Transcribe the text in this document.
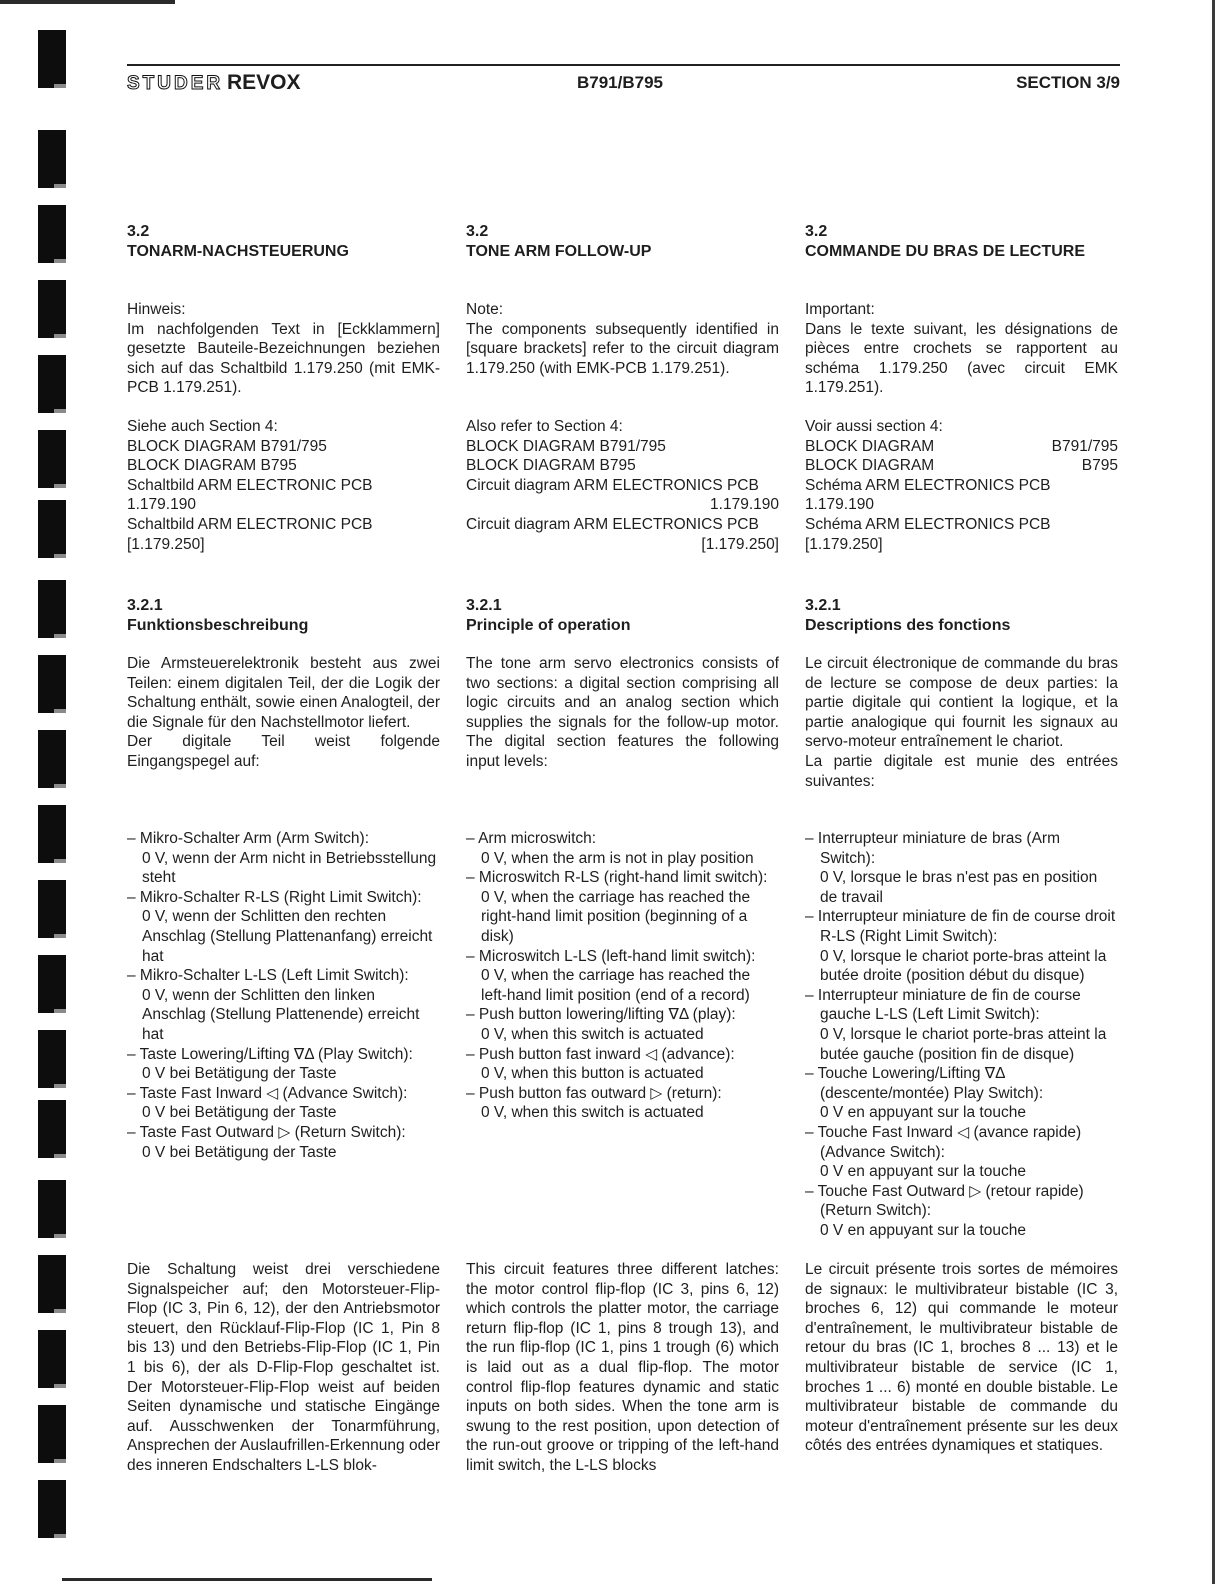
STUDER REVOX	B791/B795	SECTION 3/9
3.2
TONARM-NACHSTEUERUNG
Hinweis:
Im nachfolgenden Text in [Eckklammern] gesetzte Bauteile-Bezeichnungen beziehen sich auf das Schaltbild 1.179.250 (mit EMK-PCB 1.179.251).
Siehe auch Section 4:
BLOCK DIAGRAM B791/795
BLOCK DIAGRAM B795
Schaltbild ARM ELECTRONIC PCB
1.179.190
Schaltbild ARM ELECTRONIC PCB
[1.179.250]
3.2.1
Funktionsbeschreibung
Die Armsteuerelektronik besteht aus zwei Teilen: einem digitalen Teil, der die Logik der Schaltung enthält, sowie einen Analogteil, der die Signale für den Nachstellmotor liefert.
Der digitale Teil weist folgende Eingangspegel auf:
– Mikro-Schalter Arm (Arm Switch):
0 V, wenn der Arm nicht in Betriebsstellung steht
– Mikro-Schalter R-LS (Right Limit Switch):
0 V, wenn der Schlitten den rechten Anschlag (Stellung Plattenanfang) erreicht hat
– Mikro-Schalter L-LS (Left Limit Switch):
0 V, wenn der Schlitten den linken Anschlag (Stellung Plattenende) erreicht hat
– Taste Lowering/Lifting ∇Δ (Play Switch):
0 V bei Betätigung der Taste
– Taste Fast Inward ◁ (Advance Switch):
0 V bei Betätigung der Taste
– Taste Fast Outward ▷ (Return Switch):
0 V bei Betätigung der Taste
Die Schaltung weist drei verschiedene Signalspeicher auf; den Motorsteuer-Flip-Flop (IC 3, Pin 6, 12), der den Antriebsmotor steuert, den Rücklauf-Flip-Flop (IC 1, Pin 8 bis 13) und den Betriebs-Flip-Flop (IC 1, Pin 1 bis 6), der als D-Flip-Flop geschaltet ist. Der Motorsteuer-Flip-Flop weist auf beiden Seiten dynamische und statische Eingänge auf. Ausschwenken der Tonarmführung, Ansprechen der Auslaufrillen-Erkennung oder des inneren Endschalters L-LS blok-
3.2
TONE ARM FOLLOW-UP
Note:
The components subsequently identified in [square brackets] refer to the circuit diagram 1.179.250 (with EMK-PCB 1.179.251).
Also refer to Section 4:
BLOCK DIAGRAM B791/795
BLOCK DIAGRAM B795
Circuit diagram ARM ELECTRONICS PCB
1.179.190
Circuit diagram ARM ELECTRONICS PCB
[1.179.250]
3.2.1
Principle of operation
The tone arm servo electronics consists of two sections: a digital section comprising all logic circuits and an analog section which supplies the signals for the follow-up motor. The digital section features the following input levels:
– Arm microswitch:
0 V, when the arm is not in play position
– Microswitch R-LS (right-hand limit switch):
0 V, when the carriage has reached the right-hand limit position (beginning of a disk)
– Microswitch L-LS (left-hand limit switch):
0 V, when the carriage has reached the left-hand limit position (end of a record)
– Push button lowering/lifting ∇Δ (play):
0 V, when this switch is actuated
– Push button fast inward ◁ (advance):
0 V, when this button is actuated
– Push button fas outward ▷ (return):
0 V, when this switch is actuated
This circuit features three different latches: the motor control flip-flop (IC 3, pins 6, 12) which controls the platter motor, the carriage return flip-flop (IC 1, pins 8 trough 13), and the run flip-flop (IC 1, pins 1 trough (6) which is laid out as a dual flip-flop. The motor control flip-flop features dynamic and static inputs on both sides. When the tone arm is swung to the rest position, upon detection of the run-out groove or tripping of the left-hand limit switch, the L-LS blocks
3.2
COMMANDE DU BRAS DE LECTURE
Important:
Dans le texte suivant, les désignations de pièces entre crochets se rapportent au schéma 1.179.250 (avec circuit EMK 1.179.251).
Voir aussi section 4:
BLOCK DIAGRAM	B791/795
BLOCK DIAGRAM	B795
Schéma ARM ELECTRONICS PCB
1.179.190
Schéma ARM ELECTRONICS PCB
[1.179.250]
3.2.1
Descriptions des fonctions
Le circuit électronique de commande du bras de lecture se compose de deux parties: la partie digitale qui contient la logique, et la partie analogique qui fournit les signaux au servo-moteur entraînement le chariot.
La partie digitale est munie des entrées suivantes:
– Interrupteur miniature de bras (Arm Switch):
0 V, lorsque le bras n'est pas en position de travail
– Interrupteur miniature de fin de course droit R-LS (Right Limit Switch):
0 V, lorsque le chariot porte-bras atteint la butée droite (position début du disque)
– Interrupteur miniature de fin de course gauche L-LS (Left Limit Switch):
0 V, lorsque le chariot porte-bras atteint la butée gauche (position fin de disque)
– Touche Lowering/Lifting ∇Δ (descente/montée) Play Switch):
0 V en appuyant sur la touche
– Touche Fast Inward ◁ (avance rapide) (Advance Switch):
0 V en appuyant sur la touche
– Touche Fast Outward ▷ (retour rapide) (Return Switch):
0 V en appuyant sur la touche
Le circuit présente trois sortes de mémoires de signaux: le multivibrateur bistable (IC 3, broches 6, 12) qui commande le moteur d'entraînement, le multivibrateur bistable de retour du bras (IC 1, broches 8 ... 13) et le multivibrateur bistable de service (IC 1, broches 1 ... 6) monté en double bistable. Le multivibrateur bistable de commande du moteur d'entraînement présente sur les deux côtés des entrées dynamiques et statiques.
